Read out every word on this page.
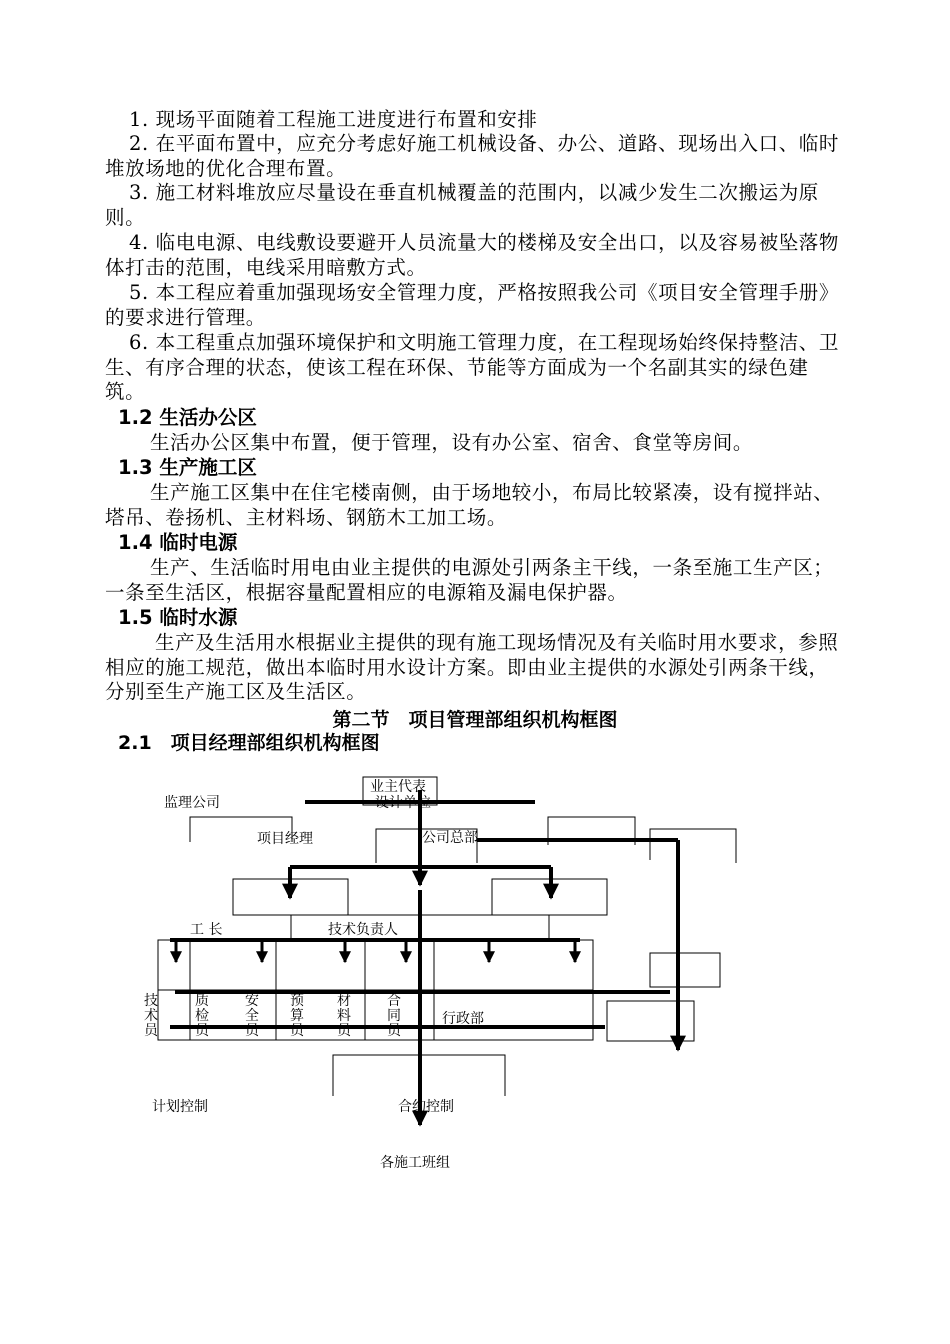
1. 现场平面随着工程施工进度进行布置和安排

2. 在平面布置中，应充分考虑好施工机械设备、办公、道路、现场出入口、临时堆放场地的优化合理布置。

3. 施工材料堆放应尽量设在垂直机械覆盖的范围内，以减少发生二次搬运为原则。

4. 临电电源、电线敷设要避开人员流量大的楼梯及安全出口，以及容易被坠落物体打击的范围，电线采用暗敷方式。

5. 本工程应着重加强现场安全管理力度，严格按照我公司《项目安全管理手册》的要求进行管理。

6. 本工程重点加强环境保护和文明施工管理力度，在工程现场始终保持整洁、卫生、有序合理的状态，使该工程在环保、节能等方面成为一个名副其实的绿色建筑。

1.2 生活办公区

生活办公区集中布置，便于管理，设有办公室、宿舍、食堂等房间。

1.3 生产施工区

生产施工区集中在住宅楼南侧，由于场地较小，布局比较紧凑，设有搅拌站、塔吊、卷扬机、主材料场、钢筋木工加工场。

1.4 临时电源

生产、生活临时用电由业主提供的电源处引两条主干线，一条至施工生产区；一条至生活区，根据容量配置相应的电源箱及漏电保护器。

1.5 临时水源

生产及生活用水根据业主提供的现有施工现场情况及有关临时用水要求，参照相应的施工规范，做出本临时用水设计方案。即由业主提供的水源处引两条干线，分别至生产施工区及生活区。

第二节　项目管理部组织机构框图

2.1　项目经理部组织机构框图

业主代表
设计单位
监理公司
项目经理	公司总部
工 长	技术负责人
技术员
质检员
安全员
预算员
材料员
合同员
行政部
计划控制	合约控制
各施工班组
